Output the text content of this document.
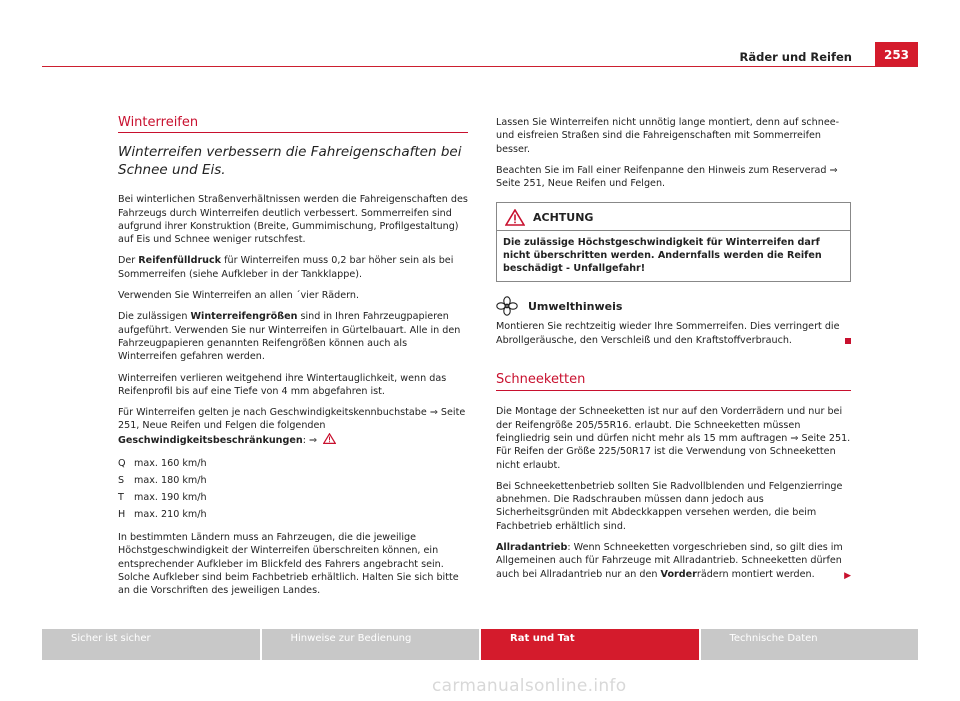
Räder und Reifen	253
Winterreifen
Winterreifen verbessern die Fahreigenschaften bei Schnee und Eis.

Bei winterlichen Straßenverhältnissen werden die Fahreigenschaften des Fahrzeugs durch Winterreifen deutlich verbessert. Sommerreifen sind aufgrund ihrer Konstruktion (Breite, Gummimischung, Profilgestaltung) auf Eis und Schnee weniger rutschfest.

Der Reifenfülldruck für Winterreifen muss 0,2 bar höher sein als bei Sommerreifen (siehe Aufkleber in der Tankklappe).

Verwenden Sie Winterreifen an allen ´vier Rädern.

Die zulässigen Winterreifengrößen sind in Ihren Fahrzeugpapieren aufgeführt. Verwenden Sie nur Winterreifen in Gürtelbauart. Alle in den Fahrzeugpapieren genannten Reifengrößen können auch als Winterreifen gefahren werden.

Winterreifen verlieren weitgehend ihre Wintertauglichkeit, wenn das Reifenprofil bis auf eine Tiefe von 4 mm abgefahren ist.

Für Winterreifen gelten je nach Geschwindigkeitskennbuchstabe ⇒ Seite 251, Neue Reifen und Felgen die folgenden Geschwindigkeitsbeschränkungen: ⇒

Q max. 160 km/h
S	max. 180 km/h
T	max. 190 km/h
H max. 210 km/h

In bestimmten Ländern muss an Fahrzeugen, die die jeweilige Höchstgeschwindigkeit der Winterreifen überschreiten können, ein entsprechender Aufkleber im Blickfeld des Fahrers angebracht sein. Solche Aufkleber sind beim Fachbetrieb erhältlich. Halten Sie sich bitte an die Vorschriften des jeweiligen Landes.

Lassen Sie Winterreifen nicht unnötig lange montiert, denn auf schnee- und eisfreien Straßen sind die Fahreigenschaften mit Sommerreifen besser.

Beachten Sie im Fall einer Reifenpanne den Hinweis zum Reserverad ⇒ Seite 251, Neue Reifen und Felgen.

ACHTUNG
Die zulässige Höchstgeschwindigkeit für Winterreifen darf nicht überschritten werden. Andernfalls werden die Reifen beschädigt - Unfallgefahr!
Umwelthinweis

Montieren Sie rechtzeitig wieder Ihre Sommerreifen. Dies verringert die Abrollgeräusche, den Verschleiß und den Kraftstoffverbrauch.

Schneeketten

Die Montage der Schneeketten ist nur auf den Vorderrädern und nur bei der Reifengröße 205/55R16. erlaubt. Die Schneeketten müssen feingliedrig sein und dürfen nicht mehr als 15 mm auftragen ⇒ Seite 251. Für Reifen der Größe 225/50R17 ist die Verwendung von Schneeketten nicht erlaubt.

Bei Schneekettenbetrieb sollten Sie Radvollblenden und Felgenzierringe abnehmen. Die Radschrauben müssen dann jedoch aus Sicherheitsgründen mit Abdeckkappen versehen werden, die beim Fachbetrieb erhältlich sind.

Allradantrieb: Wenn Schneeketten vorgeschrieben sind, so gilt dies im Allgemeinen auch für Fahrzeuge mit Allradantrieb. Schneeketten dürfen auch bei Allradantrieb nur an den Vorderrädern montiert werden.	▶

Sicher ist sicher	Hinweise zur Bedienung	Rat und Tat	Technische Daten
carmanualsonline.info
